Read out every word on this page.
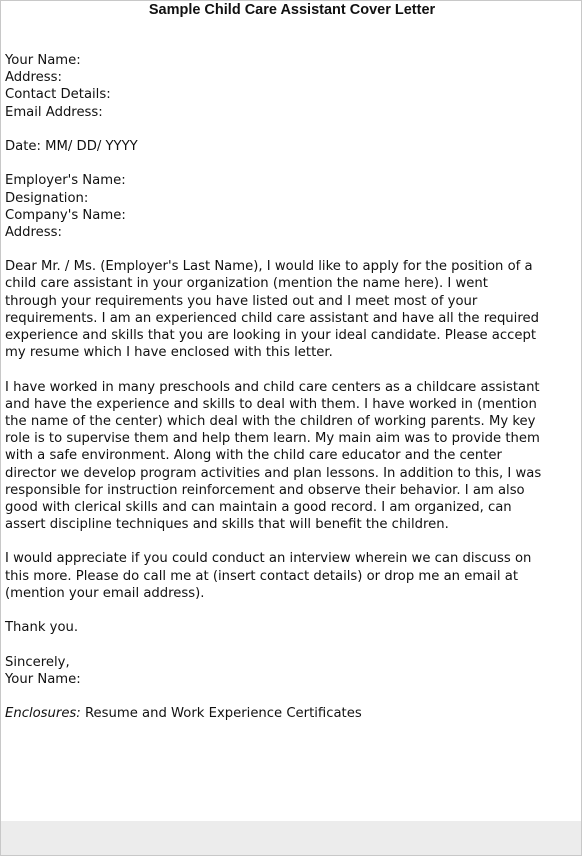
Sample Child Care Assistant Cover Letter
Your Name:
Address:
Contact Details:
Email Address:
Date: MM/ DD/ YYYY
Employer's Name:
Designation:
Company's Name:
Address:
Dear Mr. / Ms. (Employer's Last Name), I would like to apply for the position of a
child care assistant in your organization (mention the name here). I went
through your requirements you have listed out and I meet most of your
requirements. I am an experienced child care assistant and have all the required
experience and skills that you are looking in your ideal candidate. Please accept
my resume which I have enclosed with this letter.
I have worked in many preschools and child care centers as a childcare assistant
and have the experience and skills to deal with them. I have worked in (mention
the name of the center) which deal with the children of working parents. My key
role is to supervise them and help them learn. My main aim was to provide them
with a safe environment. Along with the child care educator and the center
director we develop program activities and plan lessons. In addition to this, I was
responsible for instruction reinforcement and observe their behavior. I am also
good with clerical skills and can maintain a good record. I am organized, can
assert discipline techniques and skills that will benefit the children.
I would appreciate if you could conduct an interview wherein we can discuss on
this more. Please do call me at (insert contact details) or drop me an email at
(mention your email address).
Thank you.
Sincerely,
Your Name:
Enclosures: Resume and Work Experience Certificates
